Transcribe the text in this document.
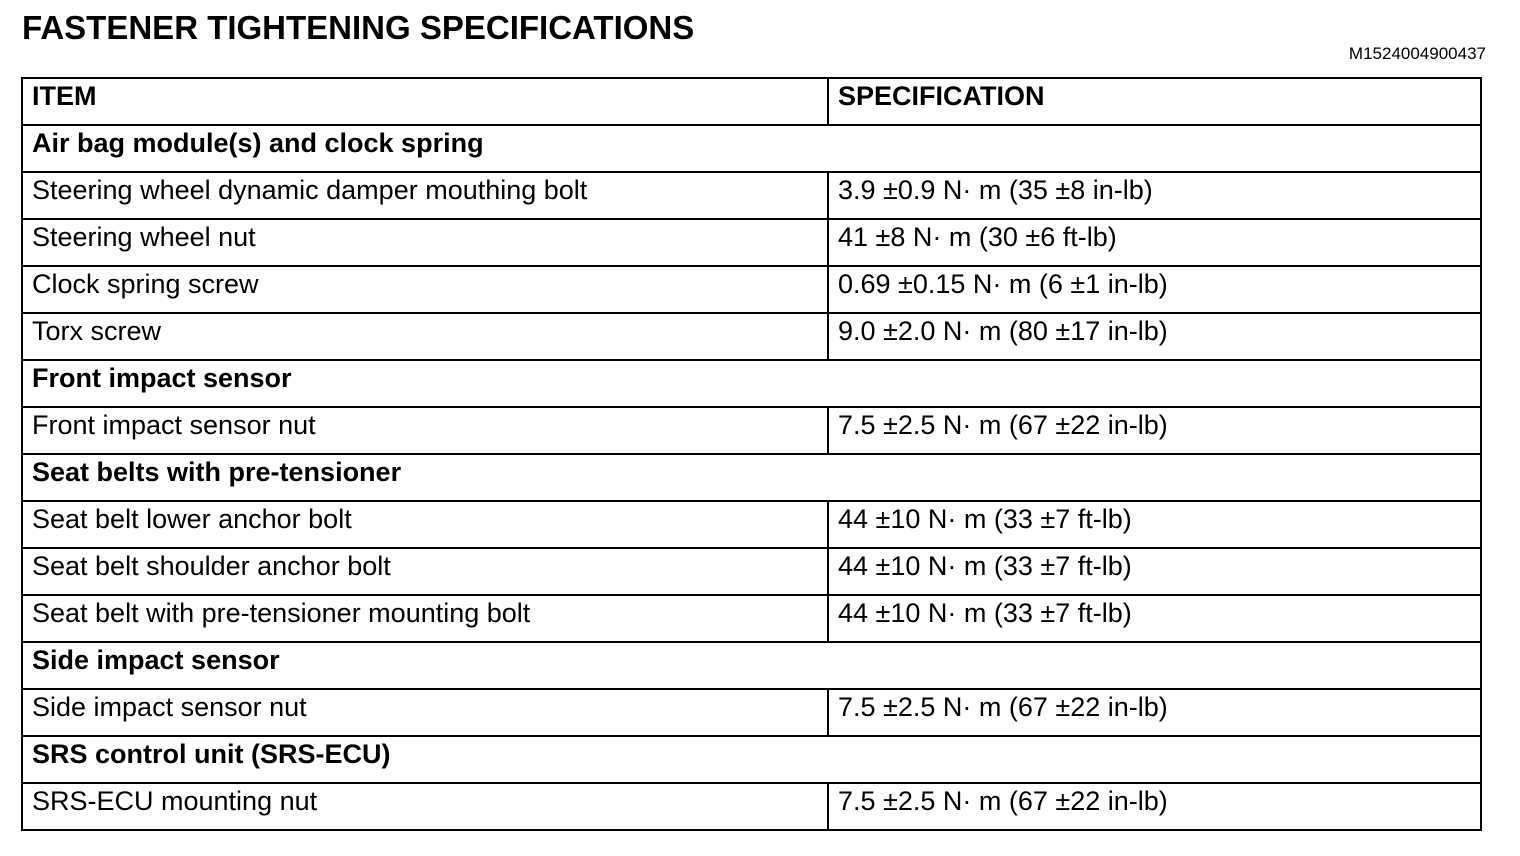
FASTENER TIGHTENING SPECIFICATIONS
M1524004900437
ITEM	SPECIFICATION
Air bag module(s) and clock spring	
Steering wheel dynamic damper mouthing bolt	3.9 ±0.9 N· m (35 ±8 in-lb)
Steering wheel nut	41 ±8 N· m (30 ±6 ft-lb)
Clock spring screw	0.69 ±0.15 N· m (6 ±1 in-lb)
Torx screw	9.0 ±2.0 N· m (80 ±17 in-lb)
Front impact sensor	
Front impact sensor nut	7.5 ±2.5 N· m (67 ±22 in-lb)
Seat belts with pre-tensioner	
Seat belt lower anchor bolt	44 ±10 N· m (33 ±7 ft-lb)
Seat belt shoulder anchor bolt	44 ±10 N· m (33 ±7 ft-lb)
Seat belt with pre-tensioner mounting bolt	44 ±10 N· m (33 ±7 ft-lb)
Side impact sensor	
Side impact sensor nut	7.5 ±2.5 N· m (67 ±22 in-lb)
SRS control unit (SRS-ECU)	
SRS-ECU mounting nut	7.5 ±2.5 N· m (67 ±22 in-lb)
